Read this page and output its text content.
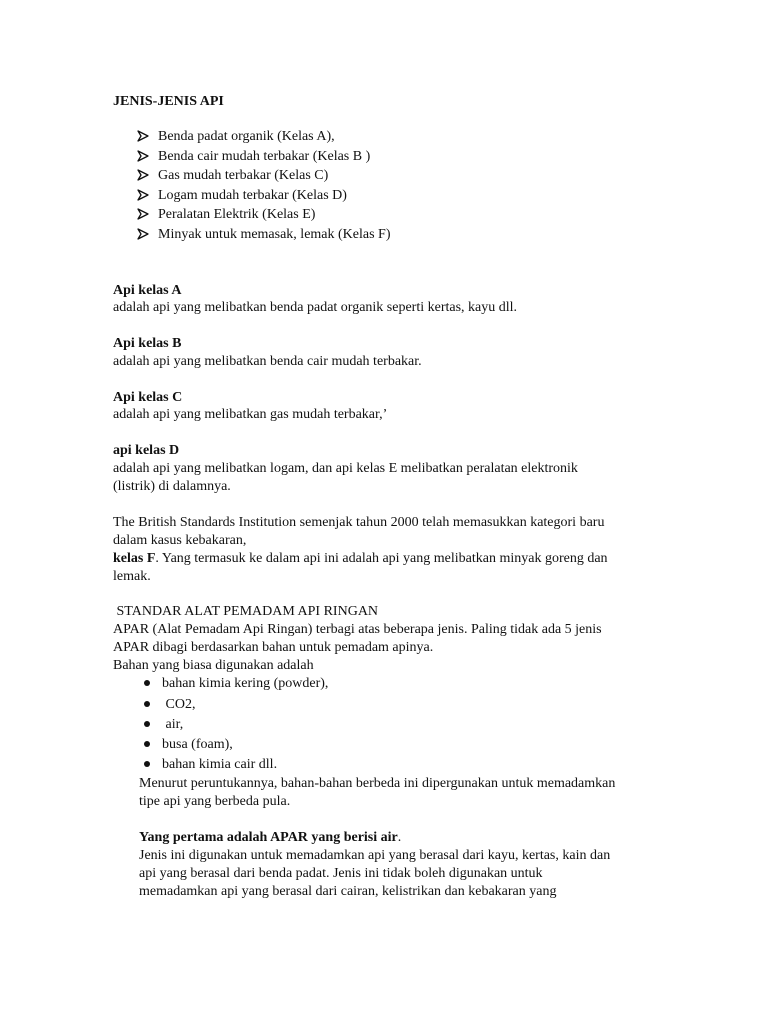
JENIS-JENIS API
Benda padat organik (Kelas A),
Benda cair mudah terbakar (Kelas B )
Gas mudah terbakar (Kelas C)
Logam mudah terbakar (Kelas D)
Peralatan Elektrik (Kelas E)
Minyak untuk memasak, lemak (Kelas F)
Api kelas A
adalah api yang melibatkan benda padat organik seperti kertas, kayu dll.
Api kelas B
adalah api yang melibatkan benda cair mudah terbakar.
Api kelas C
adalah api yang melibatkan gas mudah terbakar,’
api kelas D
adalah api yang melibatkan logam, dan api kelas E melibatkan peralatan elektronik
(listrik) di dalamnya.
The British Standards Institution semenjak tahun 2000 telah memasukkan kategori baru
dalam kasus kebakaran,
kelas F. Yang termasuk ke dalam api ini adalah api yang melibatkan minyak goreng dan
lemak.
STANDAR ALAT PEMADAM API RINGAN
APAR (Alat Pemadam Api Ringan) terbagi atas beberapa jenis. Paling tidak ada 5 jenis
APAR dibagi berdasarkan bahan untuk pemadam apinya.
Bahan yang biasa digunakan adalah
bahan kimia kering (powder),
CO2,
air,
busa (foam),
bahan kimia cair dll.
Menurut peruntukannya, bahan-bahan berbeda ini dipergunakan untuk memadamkan
tipe api yang berbeda pula.
Yang pertama adalah APAR yang berisi air.
Jenis ini digunakan untuk memadamkan api yang berasal dari kayu, kertas, kain dan
api yang berasal dari benda padat. Jenis ini tidak boleh digunakan untuk
memadamkan api yang berasal dari cairan, kelistrikan dan kebakaran yang
